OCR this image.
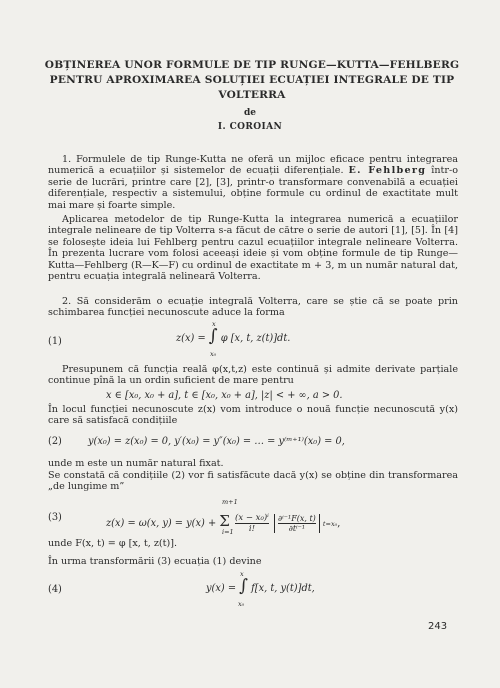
OBȚINEREA UNOR FORMULE DE TIP RUNGE—KUTTA—FEHLBERG
PENTRU APROXIMAREA SOLUȚIEI ECUAȚIEI INTEGRALE DE TIP
VOLTERRA
de
I. COROIAN
1. Formulele de tip Runge-Kutta ne oferă un mijloc eficace pentru integrarea numerică a ecuațiilor și sistemelor de ecuații diferențiale. E. Fehlberg într-o serie de lucrări, printre care [2], [3], printr-o transformare convenabilă a ecuației diferențiale, respectiv a sistemului, obține formule cu ordinul de exactitate mult mai mare și foarte simple.
Aplicarea metodelor de tip Runge-Kutta la integrarea numerică a ecuațiilor integrale nelineare de tip Volterra s-a făcut de către o serie de autori [1], [5]. În [4] se folosește ideia lui Fehlberg pentru cazul ecuațiilor integrale nelineare Volterra. În prezenta lucrare vom folosi aceeași ideie și vom obține formule de tip Runge—Kutta—Fehlberg (R—K—F) cu ordinul de exactitate m + 3, m un număr natural dat, pentru ecuația integrală nelineară Volterra.
2. Să considerăm o ecuație integrală Volterra, care se știe că se poate prin schimbarea funcției necunoscute aduce la forma
(1)	z(x) = ∫ φ [x, t, z(t)]dt.
x
x₀
Presupunem că funcția reală φ(x,t,z) este continuă și admite derivate parțiale continue pînă la un ordin suficient de mare pentru
x ∈ [x₀, x₀ + a], t ∈ [x₀, x₀ + a], |z| < + ∞, a > 0.
În locul funcției necunoscute z(x) vom introduce o nouă funcție necunoscută y(x) care să satisfacă condițiile
(2)	y(x₀) = z(x₀) = 0, y′(x₀) = y″(x₀) = … = y⁽ᵐ⁺¹⁾(x₀) = 0,
unde m este un număr natural fixat.
Se constată că condițiile (2) vor fi satisfăcute dacă y(x) se obține din transformarea „de lungime m”
(3)
z(x) = ω(x, y) = y(x) + Σ $\frac{\text{(x − x₀)ⁱ}}{i!}$
$\frac{\text{∂ⁱ⁻¹F(x, t)}}{\text{∂tⁱ⁻¹}} t=x_0$,
m+1
i=1
unde F(x, t) = φ [x, t, z(t)].
În urma transformării (3) ecuația (1) devine
(4)	y(x) = ∫ f[x, t, y(t)]dt,
x
x₀
243
